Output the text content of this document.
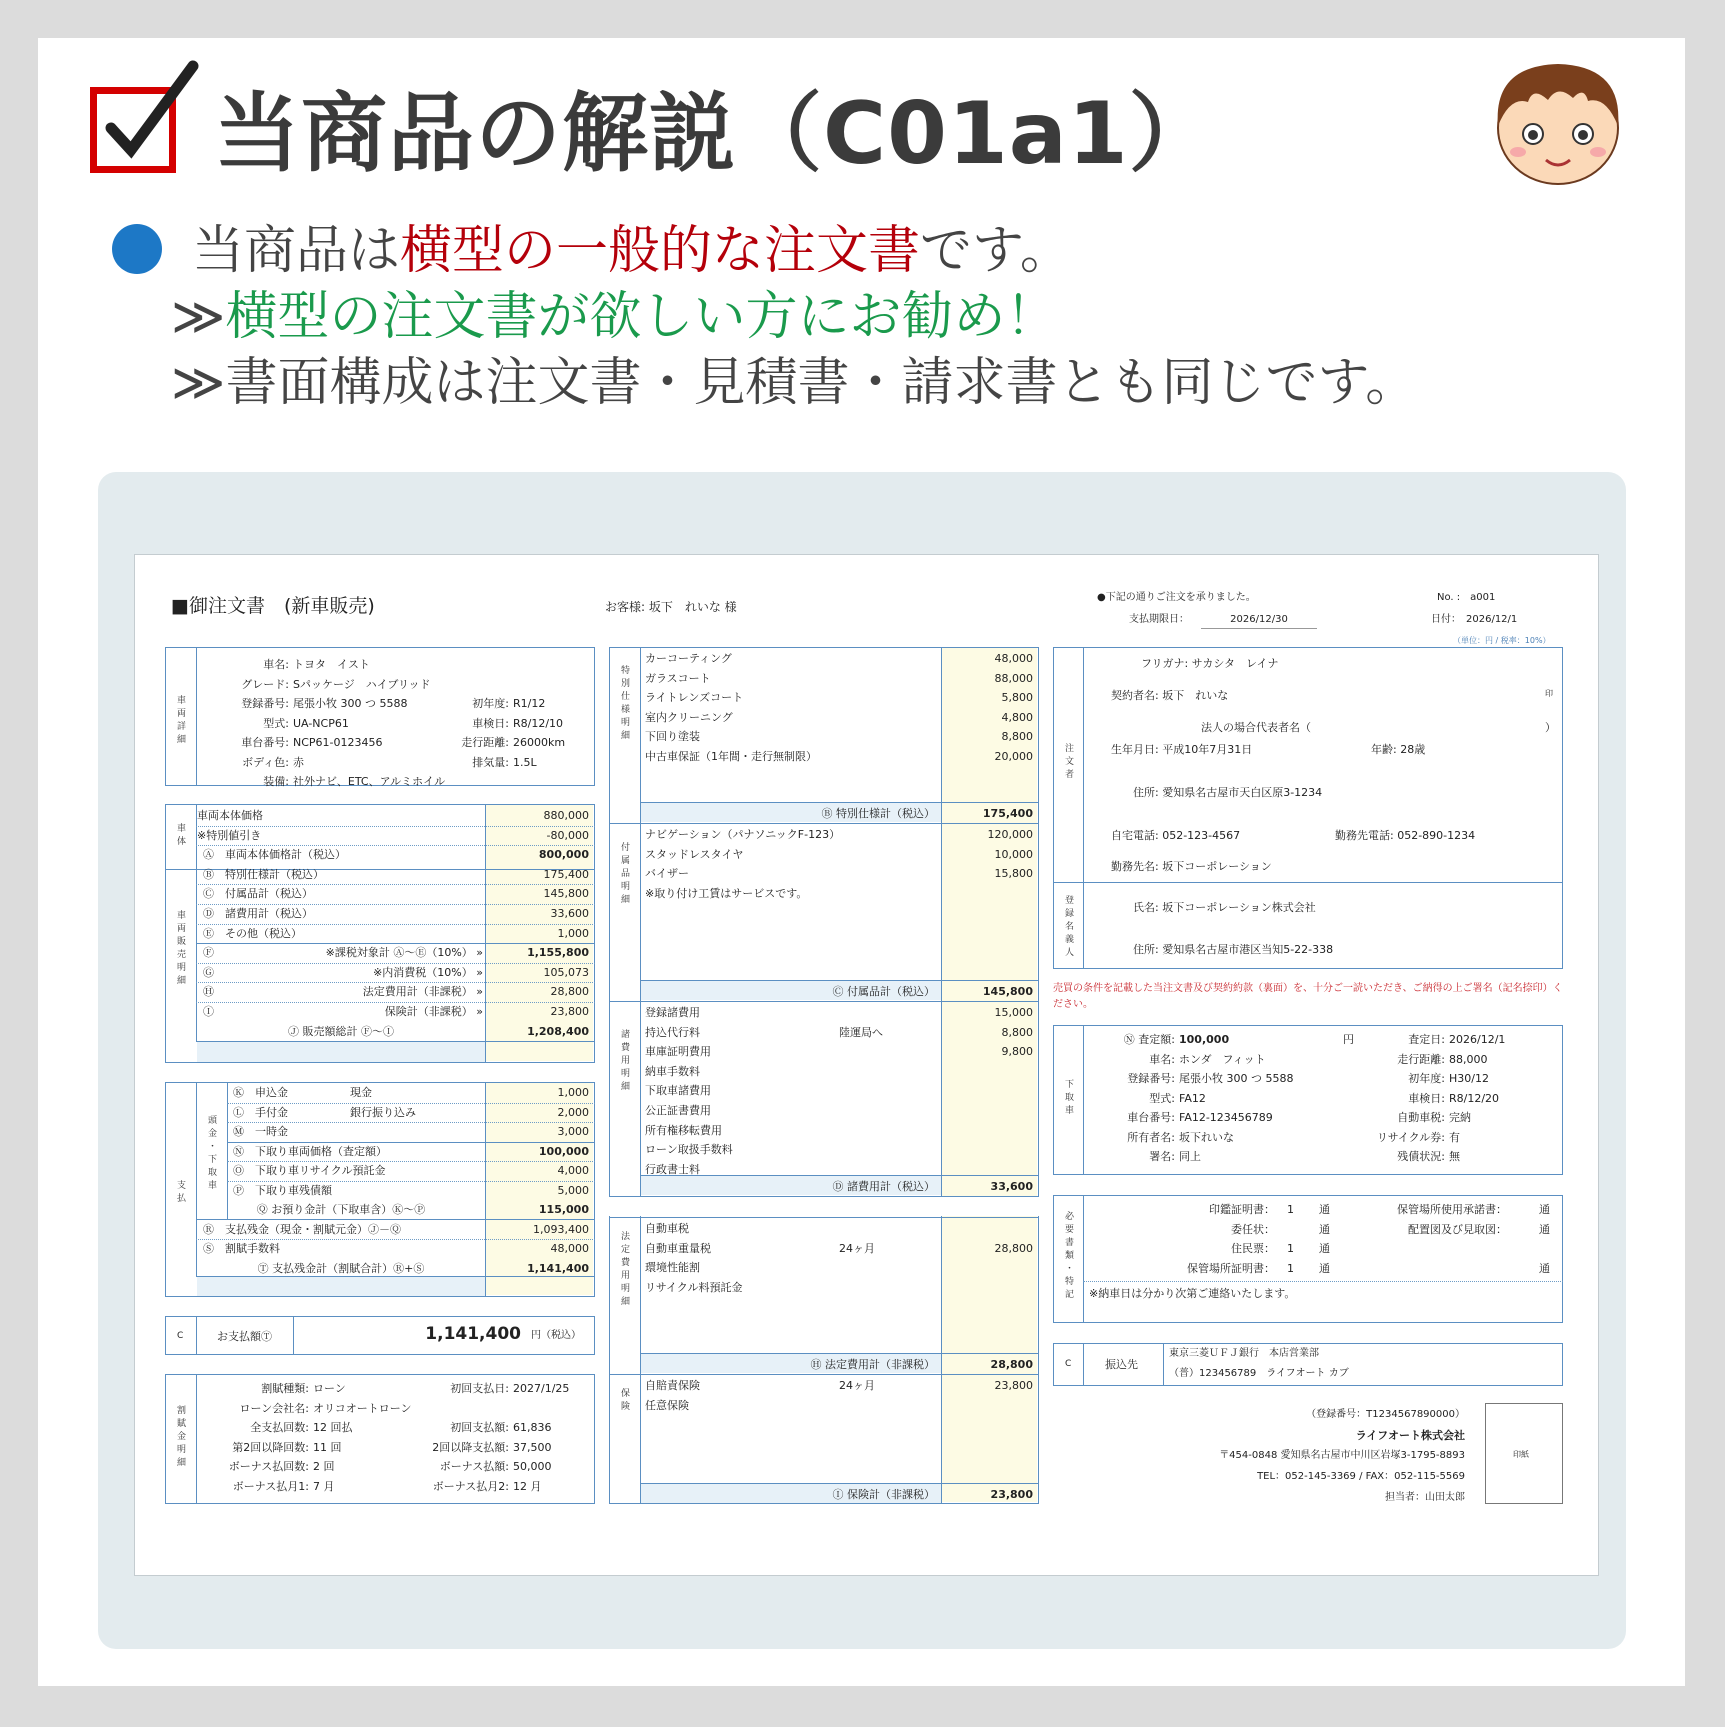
当商品の解説（C01a1）
当商品は横型の一般的な注文書です。
≫横型の注文書が欲しい方にお勧め！
≫書面構成は注文書・見積書・請求書とも同じです。
■御注文書　(新車販売)	お客様: 坂下　れいな 様
●下記の通りご注文を承りました。	No. :　a001
支払期限日：	2026/12/30	日付：　2026/12/1
（単位：円 / 税率：10%）
車両詳細
車体
車両販売明細
支払 頭金・下取車
C	お支払額Ⓣ	1,141,400 円（税込）
割賦金明細
注文者
登録名義人
フリガナ: サカシタ　レイナ
契約者名: 坂下　れいな	印
法人の場合代表者名（	）
生年月日: 平成10年7月31日	年齢: 28歳
住所: 愛知県名古屋市天白区原3-1234
自宅電話: 052-123-4567	勤務先電話: 052-890-1234
勤務先名: 坂下コーポレーション
氏名: 坂下コーポレーション株式会社
住所: 愛知県名古屋市港区当知5-22-338
売買の条件を記載した当注文書及び契約約款（裏面）を、十分ご一読いただき、ご納得の上ご署名（記名捺印）ください。
下取車
必要書類・特記 ※納車日は分かり次第ご連絡いたします。
C	振込先
東京三菱ＵＦＪ銀行　本店営業部
（普）123456789　ライフオート カブ
（登録番号：T1234567890000）
ライフオート株式会社
〒454-0848 愛知県名古屋市中川区岩塚3-1795-8893
TEL：052-145-3369 / FAX：052-115-5569
担当者：山田太郎
印紙
車名: トヨタ　イスト
グレード: Sパッケージ　ハイブリッド
登録番号: 尾張小牧 300 つ 5588	初年度: R1/12
型式: UA-NCP61	車検日: R8/12/10
車台番号: NCP61-0123456	走行距離: 26000km
ボディ色: 赤	排気量: 1.5L
装備: 社外ナビ、ETC、アルミホイル
車両本体価格	880,000
※特別値引き	-80,000
Ⓐ　車両本体価格計（税込）	800,000
Ⓑ　特別仕様計（税込）	175,400
Ⓒ　付属品計（税込）	145,800
Ⓓ　諸費用計（税込）	33,600
Ⓔ　その他（税込）	1,000
Ⓕ	※課税対象計 Ⓐ～Ⓔ（10%） »	1,155,800
Ⓖ	※内消費税（10%） »	105,073
Ⓗ	法定費用計（非課税） »	28,800
Ⓘ	保険計（非課税） »	23,800
Ⓙ 販売額総計 Ⓕ～Ⓘ	1,208,400
Ⓚ　申込金	現金	1,000
Ⓛ　手付金	銀行振り込み	2,000
Ⓜ　一時金	3,000
Ⓝ　下取り車両価格（査定額）	100,000
Ⓞ　下取り車リサイクル預託金	4,000
Ⓟ　下取り車残債額	5,000
Ⓠ お預り金計（下取車含）Ⓚ～Ⓟ	115,000
Ⓡ　支払残金（現金・割賦元金）Ⓙ－Ⓠ	1,093,400
Ⓢ　割賦手数料	48,000
Ⓣ 支払残金計（割賦合計）Ⓡ+Ⓢ	1,141,400
割賦種類: ローン	初回支払日: 2027/1/25
ローン会社名: オリコオートローン
全支払回数: 12 回払	初回支払額: 61,836
第2回以降回数: 11 回	2回以降支払額: 37,500
ボーナス払回数: 2 回	ボーナス払額: 50,000
ボーナス払月1: 7 月	ボーナス払月2: 12 月
特別仕様明細
カーコーティング	48,000
ガラスコート	88,000
ライトレンズコート	5,800
室内クリーニング	4,800
下回り塗装	8,800
中古車保証（1年間・走行無制限）	20,000
Ⓑ 特別仕様計（税込）	175,400
付属品明細
ナビゲーション（パナソニックF-123）	120,000
スタッドレスタイヤ	10,000
バイザー	15,800
※取り付け工賃はサービスです。
Ⓒ 付属品計（税込）	145,800
諸費用明細
登録諸費用	15,000
持込代行料	陸運局へ	8,800
車庫証明費用	9,800
納車手数料
下取車諸費用
公正証書費用
所有権移転費用
ローン取扱手数料
行政書士料
Ⓓ 諸費用計（税込）	33,600
法定費用明細
自動車税
自動車重量税	24ヶ月	28,800
環境性能割
リサイクル料預託金
Ⓗ 法定費用計（非課税）	28,800
保険
自賠責保険	24ヶ月	23,800
任意保険
Ⓘ 保険計（非課税）	23,800
Ⓝ 査定額: 100,000	円	査定日: 2026/12/1
車名: ホンダ　フィット	走行距離: 88,000
登録番号: 尾張小牧 300 つ 5588	初年度: H30/12
型式: FA12	車検日: R8/12/20
車台番号: FA12-123456789	自動車税: 完納
所有者名: 坂下れいな	リサイクル券: 有
署名: 同上	残債状況: 無
印鑑証明書： 1 通	保管場所使用承諾書：	通
委任状：	通	配置図及び見取図：	通
住民票： 1 通
保管場所証明書： 1 通	通
